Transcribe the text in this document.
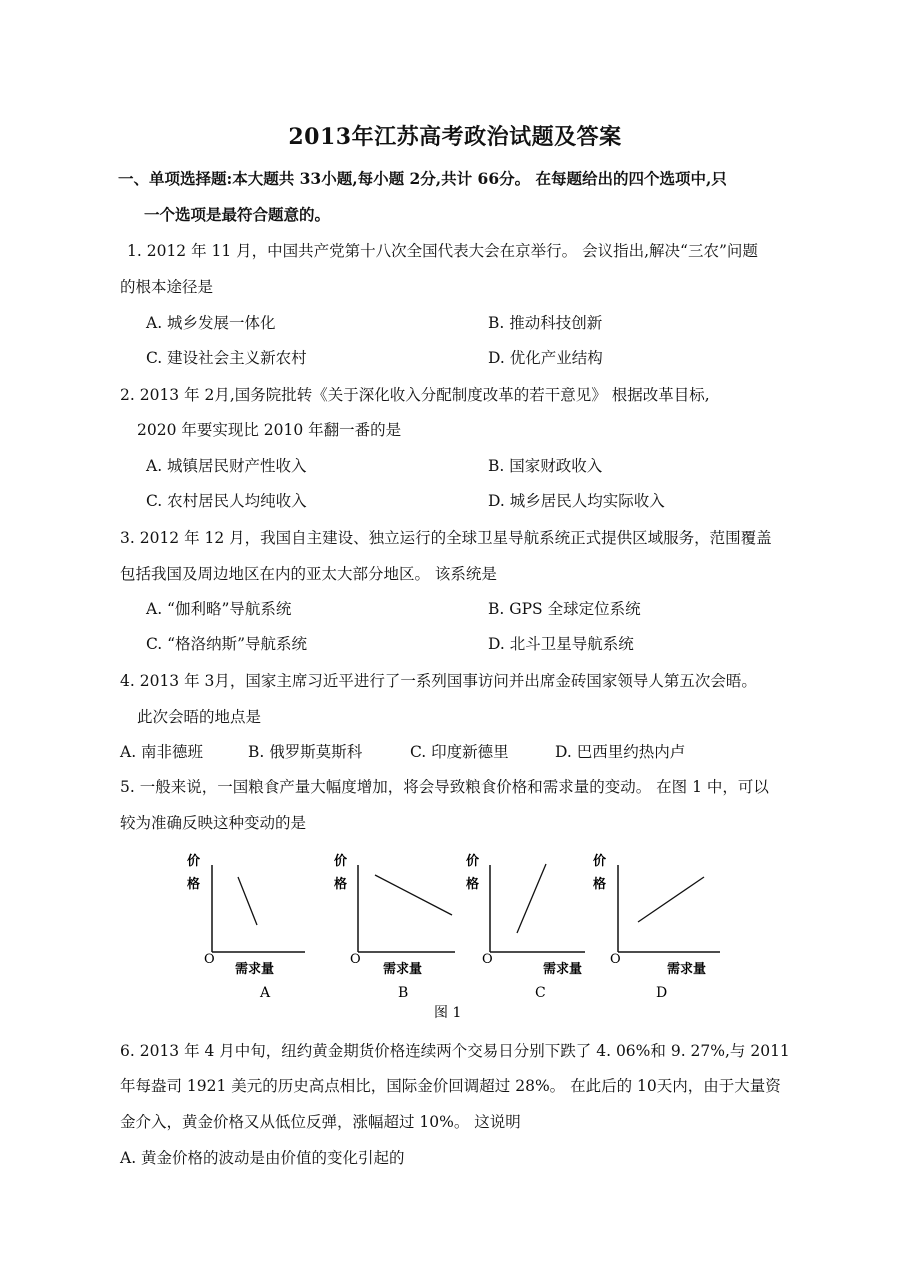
2013年江苏高考政治试题及答案
一、单项选择题:本大题共 33小题,每小题 2分,共计 66分。 在每题给出的四个选项中,只
一个选项是最符合题意的。
1. 2012 年 11 月，中国共产党第十八次全国代表大会在京举行。 会议指出,解决“三农”问题
的根本途径是
A. 城乡发展一体化	B. 推动科技创新
C. 建设社会主义新农村	D. 优化产业结构
2. 2013 年 2月,国务院批转《关于深化收入分配制度改革的若干意见》 根据改革目标,
2020 年要实现比 2010 年翻一番的是
A. 城镇居民财产性收入	B. 国家财政收入
C. 农村居民人均纯收入	D. 城乡居民人均实际收入
3. 2012 年 12 月，我国自主建设、独立运行的全球卫星导航系统正式提供区域服务，范围覆盖
包括我国及周边地区在内的亚太大部分地区。 该系统是
A. “伽利略”导航系统	B. GPS 全球定位系统
C. “格洛纳斯”导航系统	D. 北斗卫星导航系统
4. 2013 年 3月，国家主席习近平进行了一系列国事访问并出席金砖国家领导人第五次会晤。
此次会晤的地点是
A. 南非德班	B. 俄罗斯莫斯科	C. 印度新德里	D. 巴西里约热内卢
5. 一般来说，一国粮食产量大幅度增加，将会导致粮食价格和需求量的变动。 在图 1 中，可以
较为准确反映这种变动的是
价
格
O
需求量
A
价
格
O
需求量
B
价
格
O
需求量
C
价
格
O
需求量
D
图 1
6. 2013 年 4 月中旬，纽约黄金期货价格连续两个交易日分别下跌了 4. 06%和 9. 27%,与 2011
年每盎司 1921 美元的历史高点相比，国际金价回调超过 28%。 在此后的 10天内，由于大量资
金介入，黄金价格又从低位反弹，涨幅超过 10%。 这说明
A. 黄金价格的波动是由价值的变化引起的
